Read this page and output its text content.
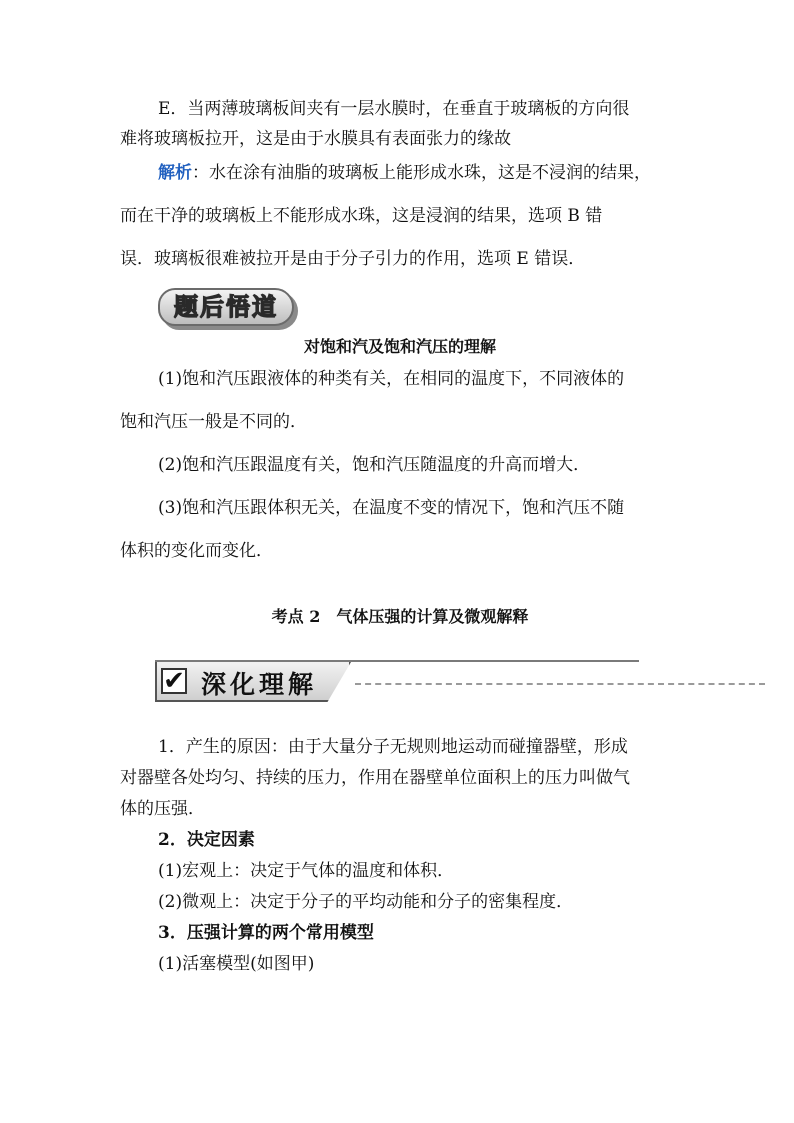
E．当两薄玻璃板间夹有一层水膜时，在垂直于玻璃板的方向很
难将玻璃板拉开，这是由于水膜具有表面张力的缘故
解析：水在涂有油脂的玻璃板上能形成水珠，这是不浸润的结果，
而在干净的玻璃板上不能形成水珠，这是浸润的结果，选项 B 错
误．玻璃板很难被拉开是由于分子引力的作用，选项 E 错误．
题后悟道
对饱和汽及饱和汽压的理解
(1)饱和汽压跟液体的种类有关，在相同的温度下，不同液体的
饱和汽压一般是不同的．
(2)饱和汽压跟温度有关，饱和汽压随温度的升高而增大．
(3)饱和汽压跟体积无关，在温度不变的情况下，饱和汽压不随
体积的变化而变化．
考点 2　气体压强的计算及微观解释
✔ 深化理解
1．产生的原因：由于大量分子无规则地运动而碰撞器壁，形成
对器壁各处均匀、持续的压力，作用在器壁单位面积上的压力叫做气
体的压强．
2．决定因素
(1)宏观上：决定于气体的温度和体积．
(2)微观上：决定于分子的平均动能和分子的密集程度．
3．压强计算的两个常用模型
(1)活塞模型(如图甲)
